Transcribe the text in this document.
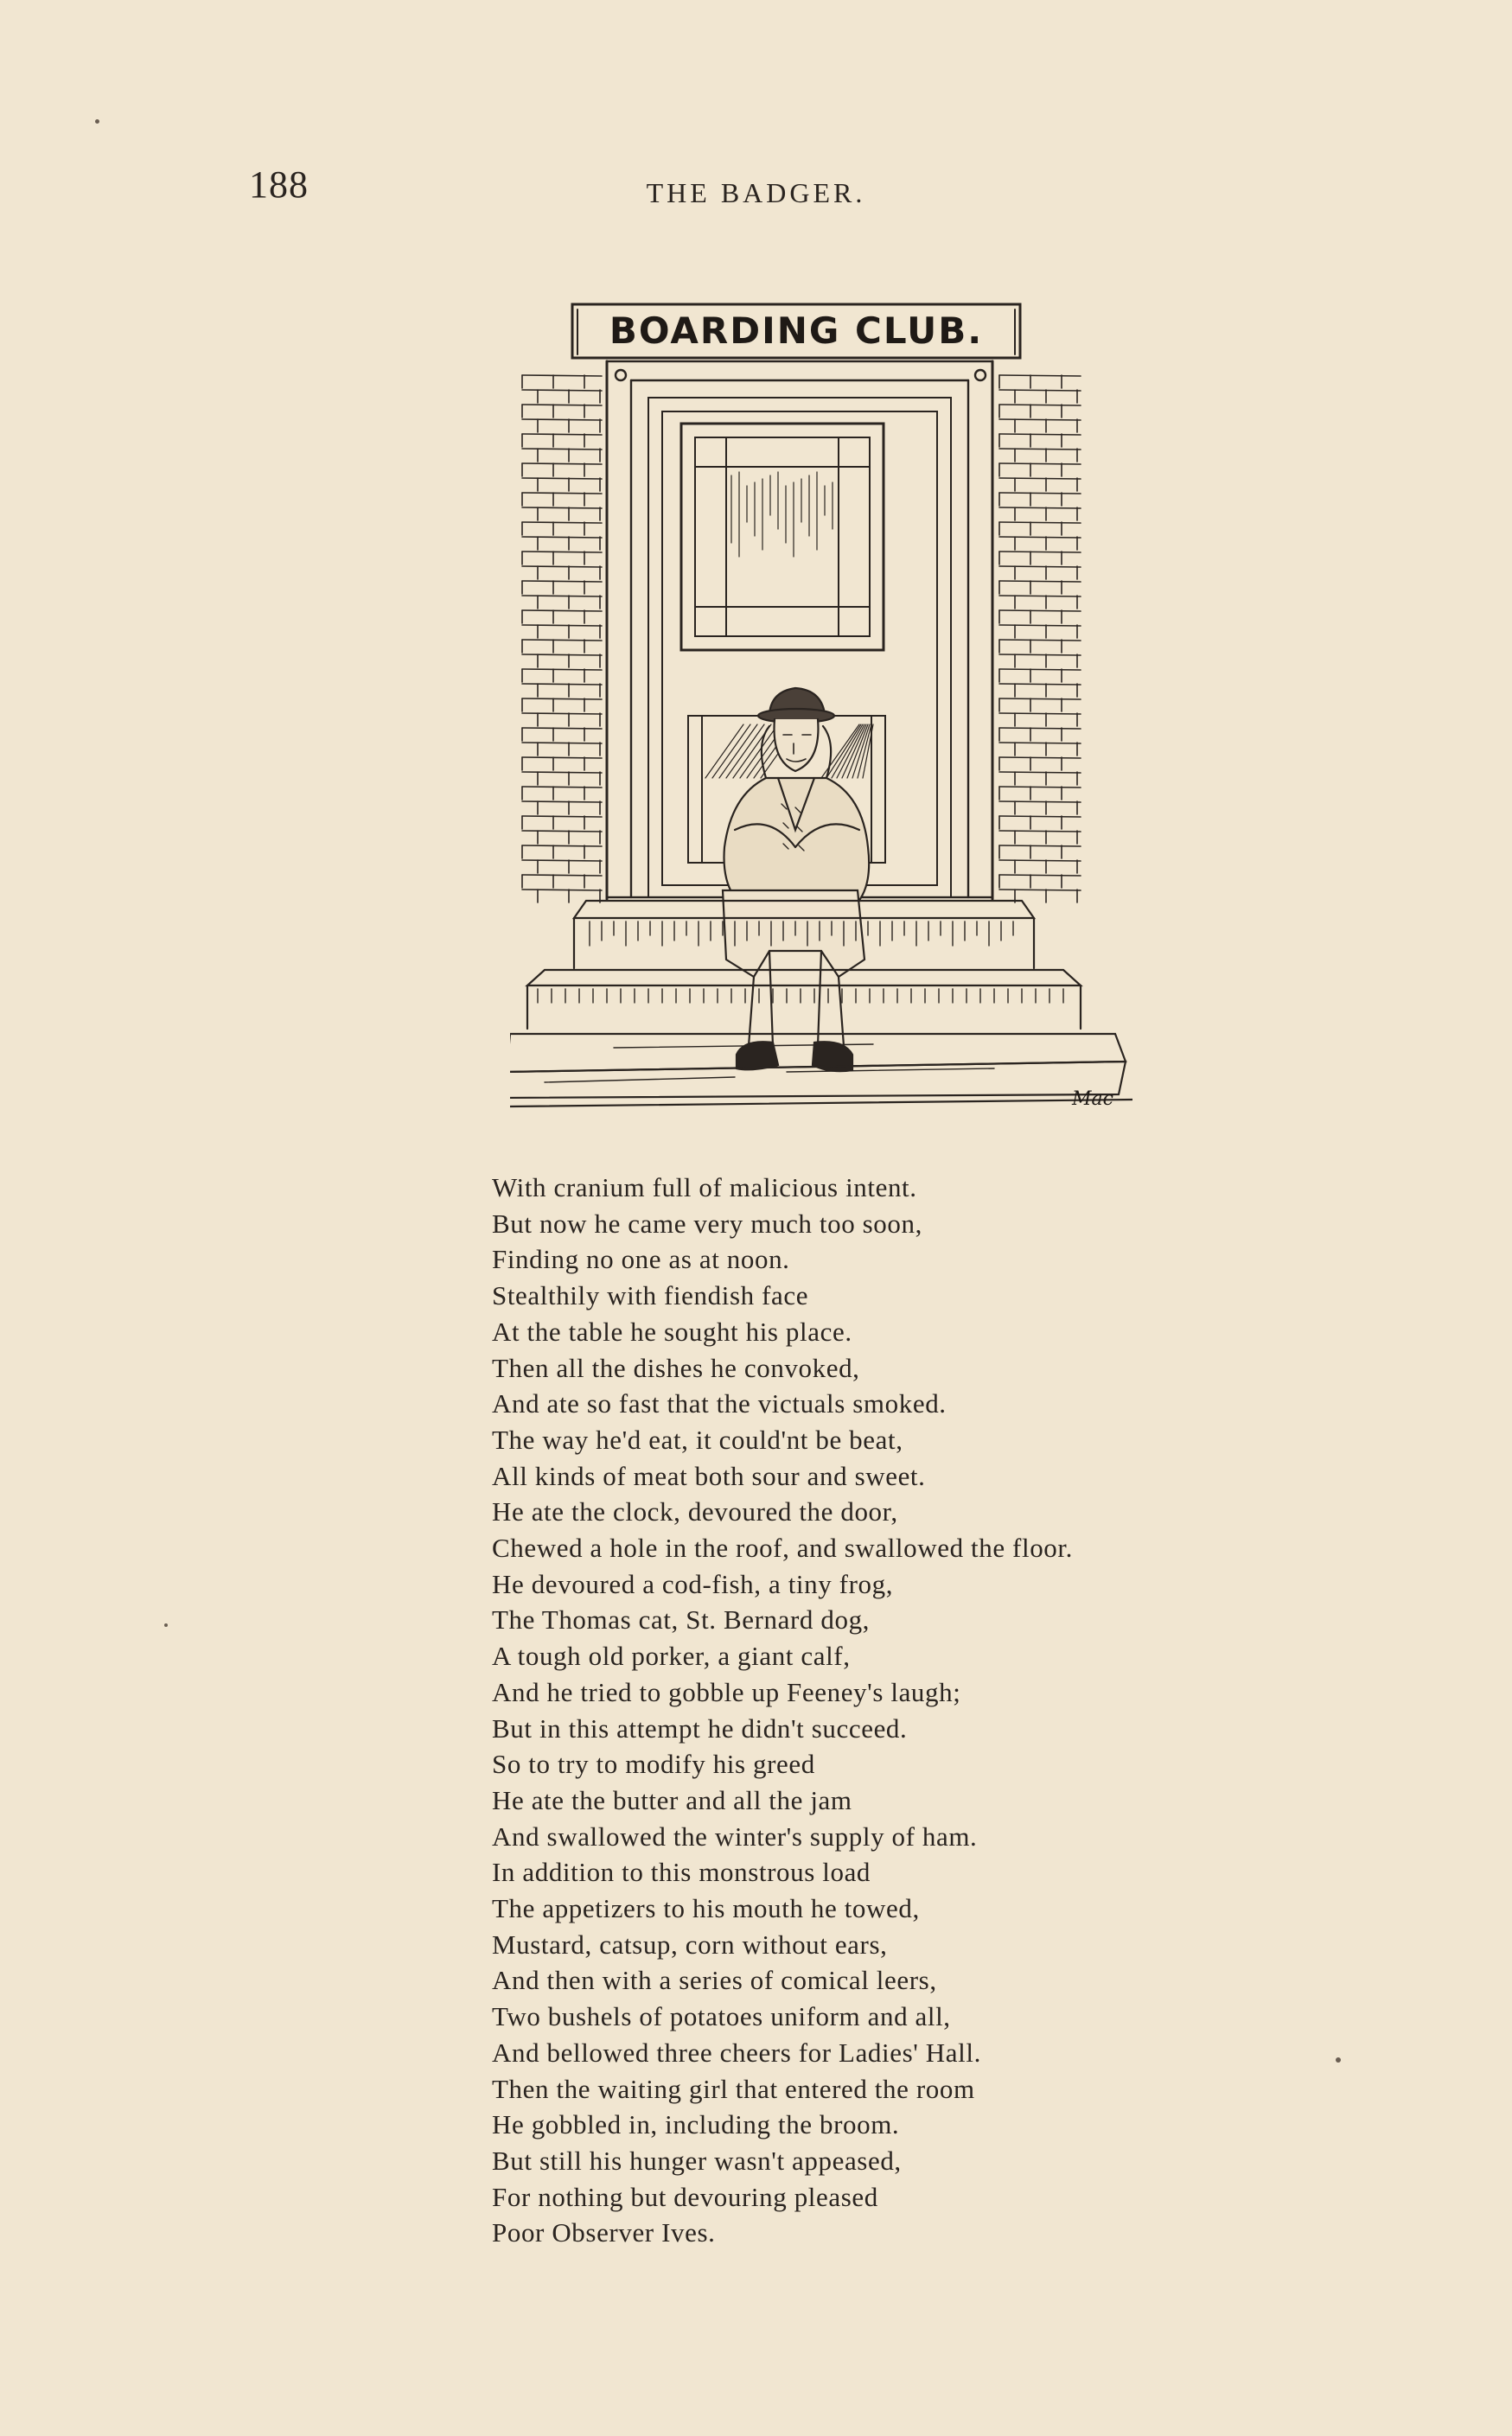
188	THE BADGER.
BOARDING CLUB.
Mac
With cranium full of malicious intent.
But now he came very much too soon,
Finding no one as at noon.
Stealthily with fiendish face
At the table he sought his place.
Then all the dishes he convoked,
And ate so fast that the victuals smoked.
The way he'd eat, it could'nt be beat,
All kinds of meat both sour and sweet.
He ate the clock, devoured the door,
Chewed a hole in the roof, and swallowed the floor.
He devoured a cod-fish, a tiny frog,
The Thomas cat, St. Bernard dog,
A tough old porker, a giant calf,
And he tried to gobble up Feeney's laugh;
But in this attempt he didn't succeed.
So to try to modify his greed
He ate the butter and all the jam
And swallowed the winter's supply of ham.
In addition to this monstrous load
The appetizers to his mouth he towed,
Mustard, catsup, corn without ears,
And then with a series of comical leers,
Two bushels of potatoes uniform and all,
And bellowed three cheers for Ladies' Hall.
Then the waiting girl that entered the room
He gobbled in, including the broom.
But still his hunger wasn't appeased,
For nothing but devouring pleased
Poor Observer Ives.
